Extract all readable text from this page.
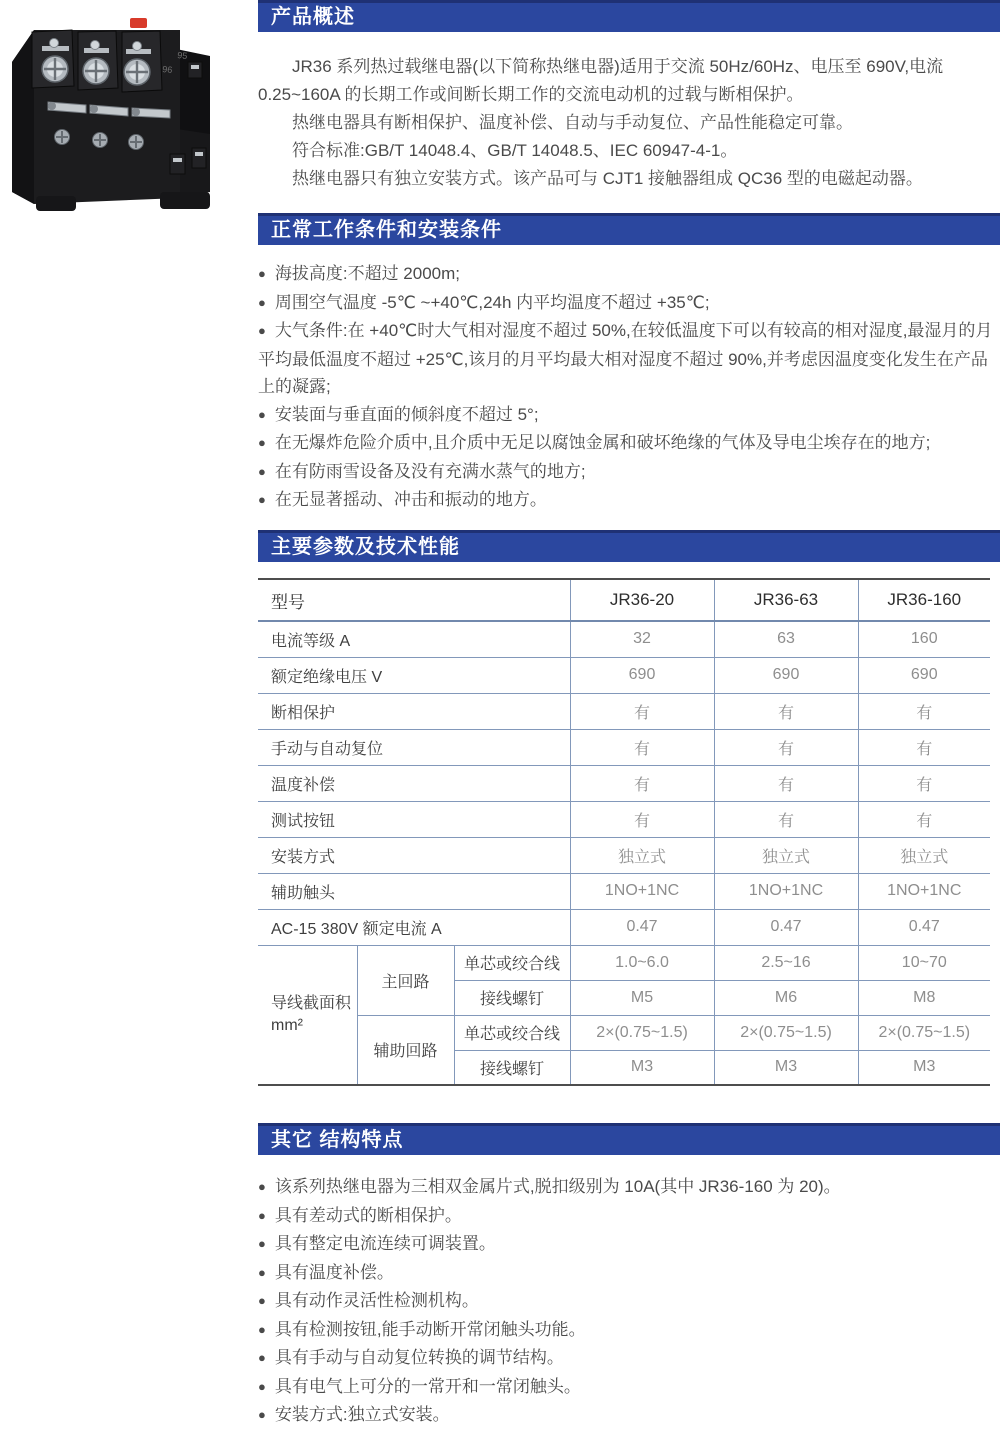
95
96
产品概述

JR36 系列热过载继电器(以下简称热继电器)适用于交流 50Hz/60Hz、电压至 690V,电流 0.25~160A 的长期工作或间断长期工作的交流电动机的过载与断相保护。

热继电器具有断相保护、温度补偿、自动与手动复位、产品性能稳定可靠。

符合标准:GB/T 14048.4、GB/T 14048.5、IEC 60947-4-1。

热继电器只有独立安装方式。该产品可与 CJT1 接触器组成 QC36 型的电磁起动器。

正常工作条件和安装条件
● 海拔高度:不超过 2000m;
● 周围空气温度 -5℃ ~+40℃,24h 内平均温度不超过 +35℃;
● 大气条件:在 +40℃时大气相对湿度不超过 50%,在较低温度下可以有较高的相对湿度,最湿月的月平均最低温度不超过 +25℃,该月的月平均最大相对湿度不超过 90%,并考虑因温度变化发生在产品上的凝露;
● 安装面与垂直面的倾斜度不超过 5°;
● 在无爆炸危险介质中,且介质中无足以腐蚀金属和破坏绝缘的气体及导电尘埃存在的地方;
● 在有防雨雪设备及没有充满水蒸气的地方;
● 在无显著摇动、冲击和振动的地方。
主要参数及技术性能
型号			JR36-20	JR36-63	JR36-160
电流等级 A			32	63	160
额定绝缘电压 V			690	690	690
断相保护			有	有	有
手动与自动复位			有	有	有
温度补偿			有	有	有
测试按钮			有	有	有
安装方式			独立式	独立式	独立式
辅助触头			1NO+1NC	1NO+1NC	1NO+1NC
AC-15 380V 额定电流 A			0.47	0.47	0.47

导线截面积
mm²	主回路	单芯或绞合线	1.0~6.0	2.5~16	10~70
		接线螺钉	M5	M6	M8
	辅助回路	单芯或绞合线	2×(0.75~1.5)	2×(0.75~1.5)	2×(0.75~1.5)
		接线螺钉	M3	M3	M3
其它 结构特点
● 该系列热继电器为三相双金属片式,脱扣级别为 10A(其中 JR36-160 为 20)。
● 具有差动式的断相保护。
● 具有整定电流连续可调装置。
● 具有温度补偿。
● 具有动作灵活性检测机构。
● 具有检测按钮,能手动断开常闭触头功能。
● 具有手动与自动复位转换的调节结构。
● 具有电气上可分的一常开和一常闭触头。
● 安装方式:独立式安装。
